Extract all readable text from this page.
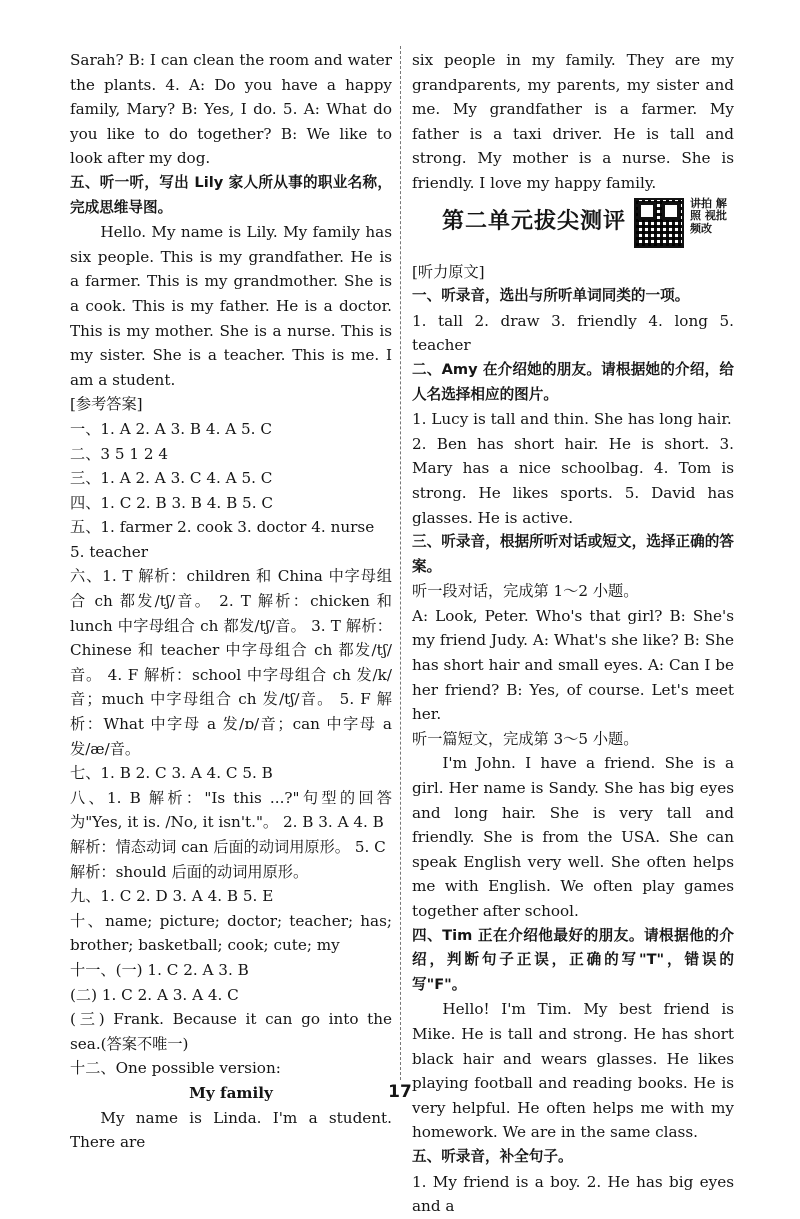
Sarah? B: I can clean the room and water the plants. 4. A: Do you have a happy family, Mary? B: Yes, I do. 5. A: What do you like to do together? B: We like to look after my dog.

五、听一听，写出 Lily 家人所从事的职业名称，完成思维导图。

Hello. My name is Lily. My family has six people. This is my grandfather. He is a farmer. This is my grandmother. She is a cook. This is my father. He is a doctor. This is my mother. She is a nurse. This is my sister. She is a teacher. This is me. I am a student.

[参考答案]

一、1. A 2. A 3. B 4. A 5. C

二、3 5 1 2 4

三、1. A 2. A 3. C 4. A 5. C

四、1. C 2. B 3. B 4. B 5. C

五、1. farmer 2. cook 3. doctor 4. nurse

5. teacher

六、1. T 解析：children 和 China 中字母组合 ch 都发/tʃ/音。 2. T 解析：chicken 和 lunch 中字母组合 ch 都发/tʃ/音。 3. T 解析：Chinese 和 teacher 中字母组合 ch 都发/tʃ/音。 4. F 解析：school 中字母组合 ch 发/k/音；much 中字母组合 ch 发/tʃ/音。 5. F 解析：What 中字母 a 发/ɒ/音；can 中字母 a 发/æ/音。

七、1. B 2. C 3. A 4. C 5. B

八、1. B 解析："Is this ...?"句型的回答为"Yes, it is. /No, it isn't."。 2. B 3. A 4. B

解析：情态动词 can 后面的动词用原形。 5. C

解析：should 后面的动词用原形。

九、1. C 2. D 3. A 4. B 5. E

十、name; picture; doctor; teacher; has; brother; basketball; cook; cute; my

十一、(一) 1. C 2. A 3. B

(二) 1. C 2. A 3. A 4. C

(三) Frank. Because it can go into the sea.(答案不唯一)

十二、One possible version:

My family

My name is Linda. I'm a student. There are

six people in my family. They are my grandparents, my parents, my sister and me. My grandfather is a farmer. My father is a taxi driver. He is tall and strong. My mother is a nurse. She is friendly. I love my happy family.

第二单元拔尖测评
讲拍 解照 视批 频改

[听力原文]

一、听录音，选出与所听单词同类的一项。

1. tall 2. draw 3. friendly 4. long 5. teacher

二、Amy 在介绍她的朋友。请根据她的介绍，给人名选择相应的图片。

1. Lucy is tall and thin. She has long hair.

2. Ben has short hair. He is short. 3. Mary has a nice schoolbag. 4. Tom is strong. He likes sports. 5. David has glasses. He is active.

三、听录音，根据所听对话或短文，选择正确的答案。

听一段对话，完成第 1～2 小题。

A: Look, Peter. Who's that girl? B: She's my friend Judy. A: What's she like? B: She has short hair and small eyes. A: Can I be her friend? B: Yes, of course. Let's meet her.

听一篇短文，完成第 3～5 小题。

I'm John. I have a friend. She is a girl. Her name is Sandy. She has big eyes and long hair. She is very tall and friendly. She is from the USA. She can speak English very well. She often helps me with English. We often play games together after school.

四、Tim 正在介绍他最好的朋友。请根据他的介绍，判断句子正误，正确的写"T"，错误的写"F"。

Hello! I'm Tim. My best friend is Mike. He is tall and strong. He has short black hair and wears glasses. He likes playing football and reading books. He is very helpful. He often helps me with my homework. We are in the same class.

五、听录音，补全句子。

1. My friend is a boy. 2. He has big eyes and a

17
